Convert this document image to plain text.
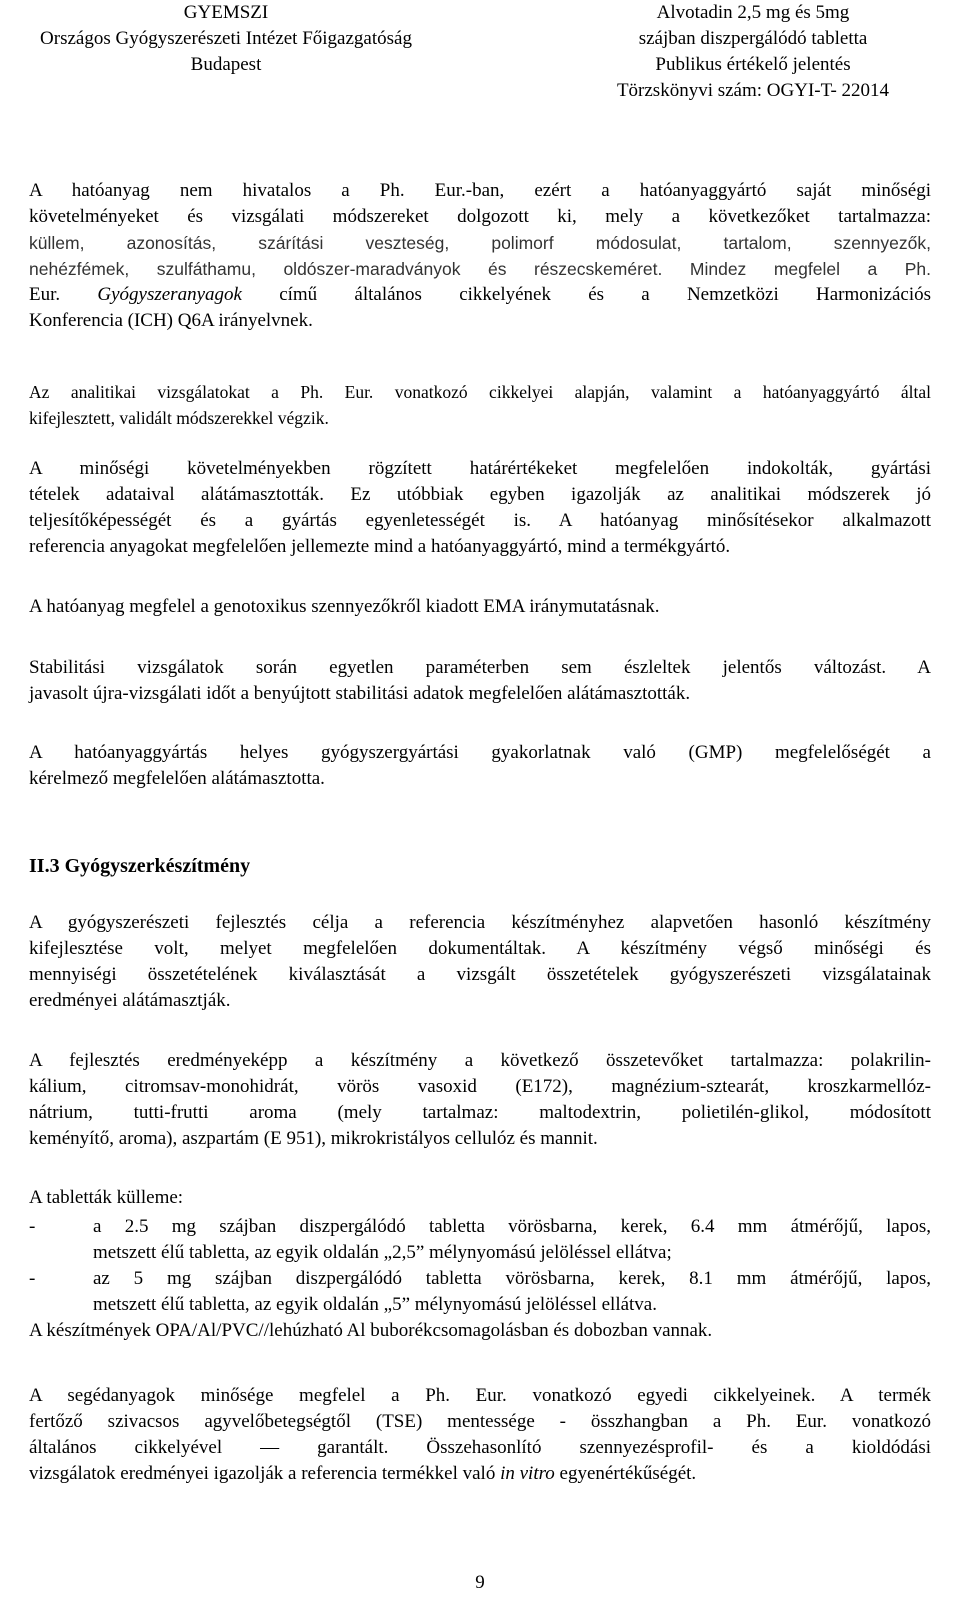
GYEMSZI
Országos Gyógyszerészeti Intézet Főigazgatóság
Budapest
Alvotadin 2,5 mg és 5mg
szájban diszpergálódó tabletta
Publikus értékelő jelentés
Törzskönyvi szám: OGYI-T- 22014
A hatóanyag nem hivatalos a Ph. Eur.-ban, ezért a hatóanyaggyártó saját minőségi
követelményeket és vizsgálati módszereket dolgozott ki, mely a következőket tartalmazza:
küllem, azonosítás, szárítási veszteség, polimorf módosulat, tartalom, szennyezők,
nehézfémek, szulfáthamu, oldószer-maradványok és részecskeméret. Mindez megfelel a Ph.
Eur. Gyógyszeranyagok című általános cikkelyének és a Nemzetközi Harmonizációs
Konferencia (ICH) Q6A irányelvnek.
Az analitikai vizsgálatokat a Ph. Eur. vonatkozó cikkelyei alapján, valamint a hatóanyaggyártó által
kifejlesztett, validált módszerekkel végzik.
A minőségi követelményekben rögzített határértékeket megfelelően indokolták, gyártási
tételek adataival alátámasztották. Ez utóbbiak egyben igazolják az analitikai módszerek jó
teljesítőképességét és a gyártás egyenletességét is. A hatóanyag minősítésekor alkalmazott
referencia anyagokat megfelelően jellemezte mind a hatóanyaggyártó, mind a termékgyártó.
A hatóanyag megfelel a genotoxikus szennyezőkről kiadott EMA iránymutatásnak.
Stabilitási vizsgálatok során egyetlen paraméterben sem észleltek jelentős változást. A
javasolt újra-vizsgálati időt a benyújtott stabilitási adatok megfelelően alátámasztották.
A hatóanyaggyártás helyes gyógyszergyártási gyakorlatnak való (GMP) megfelelőségét a
kérelmező megfelelően alátámasztotta.
II.3 Gyógyszerkészítmény
A gyógyszerészeti fejlesztés célja a referencia készítményhez alapvetően hasonló készítmény
kifejlesztése volt, melyet megfelelően dokumentáltak. A készítmény végső minőségi és
mennyiségi összetételének kiválasztását a vizsgált összetételek gyógyszerészeti vizsgálatainak
eredményei alátámasztják.
A fejlesztés eredményeképp a készítmény a következő összetevőket tartalmazza: polakrilin-
kálium, citromsav-monohidrát, vörös vasoxid (E172), magnézium-sztearát, kroszkarmellóz-
nátrium, tutti-frutti aroma (mely tartalmaz: maltodextrin, polietilén-glikol, módosított
keményítő, aroma), aszpartám (E 951), mikrokristályos cellulóz és mannit.
A tabletták külleme:
-	a 2.5 mg szájban diszpergálódó tabletta vörösbarna, kerek, 6.4 mm átmérőjű, lapos,
metszett élű tabletta, az egyik oldalán „2,5” mélynyomású jelöléssel ellátva;
-	az 5 mg szájban diszpergálódó tabletta vörösbarna, kerek, 8.1 mm átmérőjű, lapos,
metszett élű tabletta, az egyik oldalán „5” mélynyomású jelöléssel ellátva.
A készítmények OPA/Al/PVC//lehúzható Al buborékcsomagolásban és dobozban vannak.
A segédanyagok minősége megfelel a Ph. Eur. vonatkozó egyedi cikkelyeinek. A termék
fertőző szivacsos agyvelőbetegségtől (TSE) mentessége - összhangban a Ph. Eur. vonatkozó
általános cikkelyével — garantált. Összehasonlító szennyezésprofil- és a kioldódási
vizsgálatok eredményei igazolják a referencia termékkel való in vitro egyenértékűségét.
9
